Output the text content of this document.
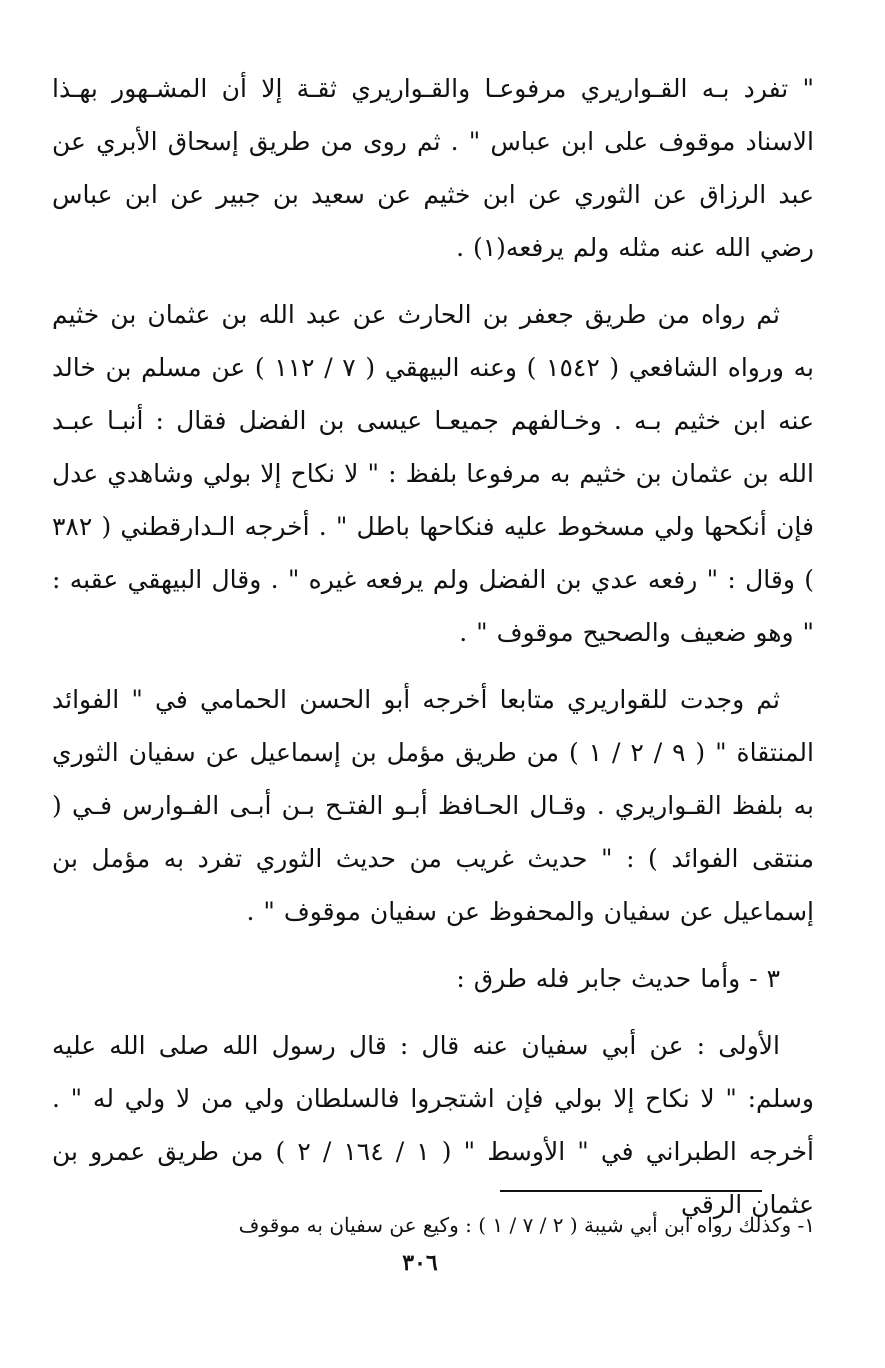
" تفرد بـه القـواريري مرفوعـا والقـواريري ثقـة إلا أن المشـهور بهـذا الاسناد موقوف على ابن عباس " . ثم روى من طريق إسحاق الأبري عن عبد الرزاق عن الثوري عن ابن خثيم عن سعيد بن جبير عن ابن عباس رضي الله عنه مثله ولم يرفعه(١) .

ثم رواه من طريق جعفر بن الحارث عن عبد الله بن عثمان بن خثيم به ورواه الشافعي ( ١٥٤٢ ) وعنه البيهقي ( ٧ / ١١٢ ) عن مسلم بن خالد عنه ابن خثيم بـه . وخـالفهم جميعـا عيسى بن الفضل فقال : أنبـا عبـد الله بن عثمان بن خثيم به مرفوعا بلفظ : " لا نكاح إلا بولي وشاهدي عدل فإن أنكحها ولي مسخوط عليه فنكاحها باطل " . أخرجه الـدارقطني ( ٣٨٢ ) وقال : " رفعه عدي بن الفضل ولم يرفعه غيره " . وقال البيهقي عقبه : " وهو ضعيف والصحيح موقوف " .

ثم وجدت للقواريري متابعا أخرجه أبو الحسن الحمامي في " الفوائد المنتقاة " ( ٩ / ٢ / ١ ) من طريق مؤمل بن إسماعيل عن سفيان الثوري به بلفظ القـواريري . وقـال الحـافظ أبـو الفتـح بـن أبـى الفـوارس فـي ( منتقى الفوائد ) : " حديث غريب من حديث الثوري تفرد به مؤمل بن إسماعيل عن سفيان والمحفوظ عن سفيان موقوف " .

٣ - وأما حديث جابر فله طرق :

الأولى : عن أبي سفيان عنه قال : قال رسول الله صلى الله عليه وسلم: " لا نكاح إلا بولي فإن اشتجروا فالسلطان ولي من لا ولي له " . أخرجه الطبراني في " الأوسط " ( ١ / ١٦٤ / ٢ ) من طريق عمرو بن عثمان الرقي

١- وكذلك رواه ابن أبي شيبة ( ٢ / ٧ / ١ ) : وكيع عن سفيان به موقوف
٣٠٦
